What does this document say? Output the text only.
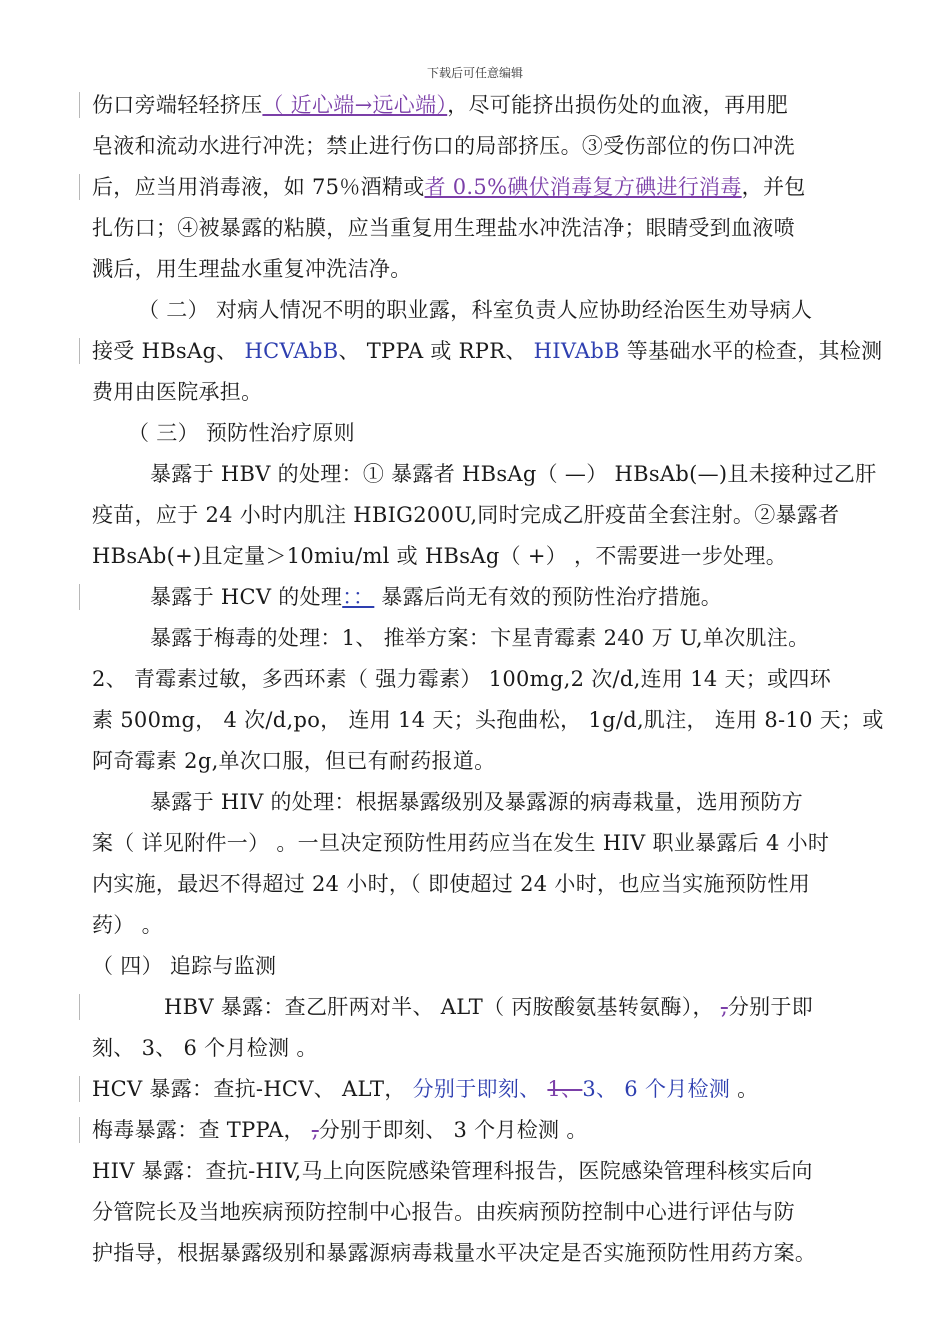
下载后可任意编辑
伤口旁端轻轻挤压（ 近心端→远心端），尽可能挤出损伤处的血液，再用肥
皂液和流动水进行冲洗；禁止进行伤口的局部挤压。③受伤部位的伤口冲洗
后，应当用消毒液，如 75％酒精或者 0.5%碘伏消毒复方碘进行消毒，并包
扎伤口；④被暴露的粘膜，应当重复用生理盐水冲洗洁净；眼睛受到血液喷
溅后，用生理盐水重复冲洗洁净。
（ 二） 对病人情况不明的职业露，科室负责人应协助经治医生劝导病人
接受 HBsAg、 HCVAbB、 TPPA 或 RPR、 HIVAbB 等基础水平的检查，其检测
费用由医院承担。
（ 三） 预防性治疗原则
暴露于 HBV 的处理：① 暴露者 HBsAg（ —） HBsAb(—)且未接种过乙肝
疫苗，应于 24 小时内肌注 HBIG200U,同时完成乙肝疫苗全套注射。②暴露者
HBsAb(+)且定量＞10miu/ml 或 HBsAg（ +） ，不需要进一步处理。
暴露于 HCV 的处理：： 暴露后尚无有效的预防性治疗措施。
暴露于梅毒的处理：1、 推举方案：卞星青霉素 240 万 U,单次肌注。
2、 青霉素过敏，多西环素（ 强力霉素） 100mg,2 次/d,连用 14 天；或四环
素 500mg， 4 次/d,po， 连用 14 天；头孢曲松， 1g/d,肌注， 连用 8-10 天；或
阿奇霉素 2g,单次口服，但已有耐药报道。
暴露于 HIV 的处理：根据暴露级别及暴露源的病毒栽量，选用预防方
案（ 详见附件一） 。一旦决定预防性用药应当在发生 HIV 职业暴露后 4 小时
内实施，最迟不得超过 24 小时，（ 即使超过 24 小时，也应当实施预防性用
药） 。
（ 四） 追踪与监测
HBV 暴露：查乙肝两对半、 ALT（ 丙胺酸氨基转氨酶）， ,分别于即
刻、 3、 6 个月检测 。
HCV 暴露：查抗-HCV、 ALT， 分别于即刻、 1、3、 6 个月检测 。
梅毒暴露：查 TPPA， ,分别于即刻、 3 个月检测 。
HIV 暴露：查抗-HIV,马上向医院感染管理科报告，医院感染管理科核实后向
分管院长及当地疾病预防控制中心报告。由疾病预防控制中心进行评估与防
护指导，根据暴露级别和暴露源病毒栽量水平决定是否实施预防性用药方案。
